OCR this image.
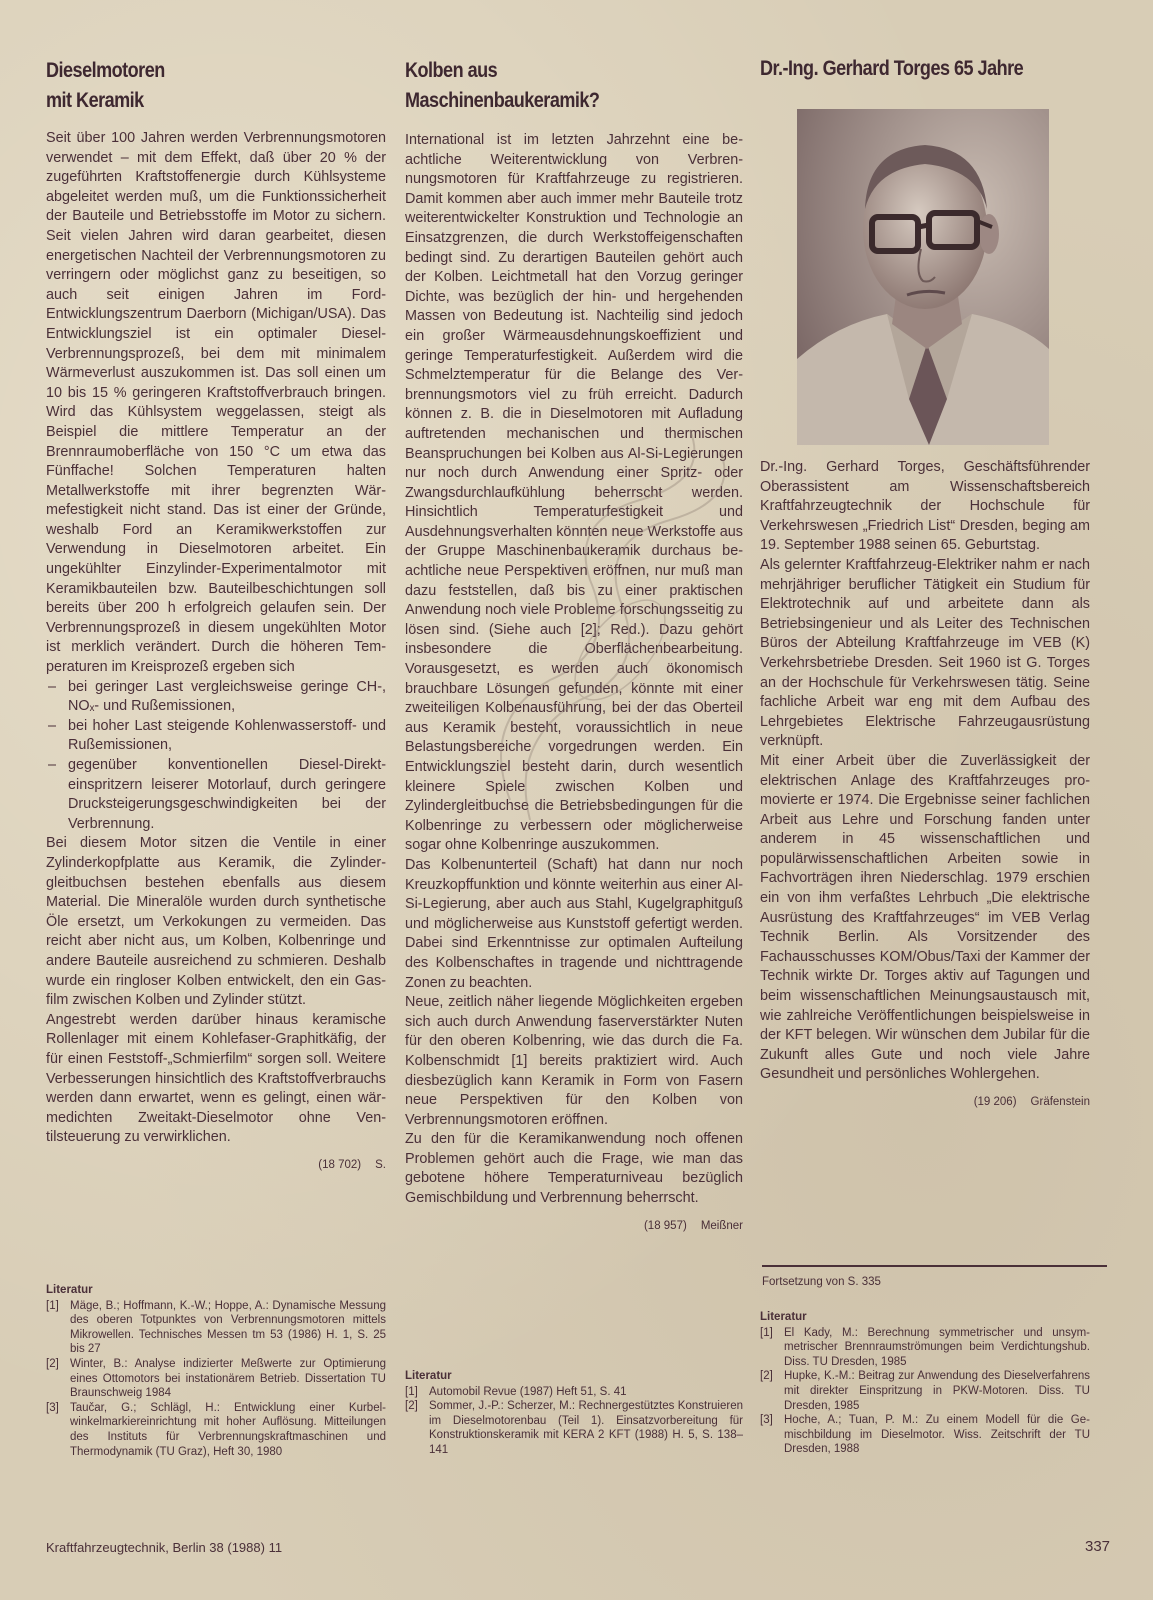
Dieselmotoren
mit Keramik

Seit über 100 Jahren werden Verbrennungsmotoren verwendet – mit dem Effekt, daß über 20 % der zugeführten Kraftstoffenergie durch Kühlsysteme abgeleitet werden muß, um die Funktionssicherheit der Bauteile und Betriebsstoffe im Motor zu sichern. Seit vielen Jahren wird daran gearbeitet, diesen energetischen Nachteil der Verbrennungsmotoren zu verringern oder möglichst ganz zu beseitigen, so auch seit einigen Jahren im Ford-Entwicklungszentrum Daerborn (Michigan/USA). Das Entwicklungsziel ist ein optimaler Diesel-Verbrennungsprozeß, bei dem mit minimalem Wärmeverlust auszukommen ist. Das soll einen um 10 bis 15 % geringeren Kraftstoffverbrauch bringen. Wird das Kühlsystem weggelassen, steigt als Beispiel die mittlere Temperatur an der Brennraumoberfläche von 150 °C um etwa das Fünffache! Solchen Temperaturen halten Metallwerkstoffe mit ihrer begrenzten Wärmefestigkeit nicht stand. Das ist einer der Gründe, weshalb Ford an Keramikwerkstoffen zur Verwendung in Dieselmotoren arbeitet. Ein ungekühlter Einzylinder-Experimentalmotor mit Keramikbauteilen bzw. Bauteilbeschichtungen soll bereits über 200 h erfolgreich gelaufen sein. Der Verbrennungsprozeß in diesem ungekühlten Motor ist merklich verändert. Durch die höheren Temperaturen im Kreisprozeß ergeben sich

– bei geringer Last vergleichsweise geringe CH-, NOₓ- und Rußemissionen,
– bei hoher Last steigende Kohlenwasserstoff- und Rußemissionen,
– gegenüber konventionellen Diesel-Direkteinspritzern leiserer Motorlauf, durch geringere Drucksteigerungsgeschwindigkeiten bei der Verbrennung.

Bei diesem Motor sitzen die Ventile in einer Zylinderkopfplatte aus Keramik, die Zylindergleitbuchsen bestehen ebenfalls aus diesem Material. Die Mineralöle wurden durch synthetische Öle ersetzt, um Verkokungen zu vermeiden. Das reicht aber nicht aus, um Kolben, Kolbenringe und andere Bauteile ausreichend zu schmieren. Deshalb wurde ein ringloser Kolben entwickelt, den ein Gasfilm zwischen Kolben und Zylinder stützt.

Angestrebt werden darüber hinaus keramische Rollenlager mit einem Kohlefaser-Graphitkäfig, der für einen Feststoff-„Schmierfilm“ sorgen soll. Weitere Verbesserungen hinsichtlich des Kraftstoffverbrauchs werden dann erwartet, wenn es gelingt, einen wärmedichten Zweitakt-Dieselmotor ohne Ventilsteuerung zu verwirklichen.

(18 702) S.
Literatur
[1] Mäge, B.; Hoffmann, K.-W.; Hoppe, A.: Dynamische Messung des oberen Totpunktes von Verbrennungsmotoren mittels Mikrowellen. Technisches Messen tm 53 (1986) H. 1, S. 25 bis 27
[2] Winter, B.: Analyse indizierter Meßwerte zur Optimierung eines Ottomotors bei instationärem Betrieb. Dissertation TU Braunschweig 1984
[3] Taučar, G.; Schlägl, H.: Entwicklung einer Kurbelwinkelmarkiereinrichtung mit hoher Auflösung. Mitteilungen des Instituts für Verbrennungskraftmaschinen und Thermodynamik (TU Graz), Heft 30, 1980
Kolben aus
Maschinenbaukeramik?

International ist im letzten Jahrzehnt eine beachtliche Weiterentwicklung von Verbrennungsmotoren für Kraftfahrzeuge zu registrieren. Damit kommen aber auch immer mehr Bauteile trotz weiterentwickelter Konstruktion und Technologie an Einsatzgrenzen, die durch Werkstoffeigenschaften bedingt sind. Zu derartigen Bauteilen gehört auch der Kolben. Leichtmetall hat den Vorzug geringer Dichte, was bezüglich der hin- und hergehenden Massen von Bedeutung ist. Nachteilig sind jedoch ein großer Wärmeausdehnungskoeffizient und geringe Temperaturfestigkeit. Außerdem wird die Schmelztemperatur für die Belange des Verbrennungsmotors viel zu früh erreicht. Dadurch können z. B. die in Dieselmotoren mit Aufladung auftretenden mechanischen und thermischen Beanspruchungen bei Kolben aus Al-Si-Legierungen nur noch durch Anwendung einer Spritz- oder Zwangsdurchlaufkühlung beherrscht werden. Hinsichtlich Temperaturfestigkeit und Ausdehnungsverhalten könnten neue Werkstoffe aus der Gruppe Maschinenbaukeramik durchaus beachtliche neue Perspektiven eröffnen, nur muß man dazu feststellen, daß bis zu einer praktischen Anwendung noch viele Probleme forschungsseitig zu lösen sind. (Siehe auch [2]; Red.). Dazu gehört insbesondere die Oberflächenbearbeitung. Vorausgesetzt, es werden auch ökonomisch brauchbare Lösungen gefunden, könnte mit einer zweiteiligen Kolbenausführung, bei der das Oberteil aus Keramik besteht, voraussichtlich in neue Belastungsbereiche vorgedrungen werden. Ein Entwicklungsziel besteht darin, durch wesentlich kleinere Spiele zwischen Kolben und Zylindergleitbuchse die Betriebsbedingungen für die Kolbenringe zu verbessern oder möglicherweise sogar ohne Kolbenringe auszukommen.

Das Kolbenunterteil (Schaft) hat dann nur noch Kreuzkopffunktion und könnte weiterhin aus einer Al-Si-Legierung, aber auch aus Stahl, Kugelgraphitguß und möglicherweise aus Kunststoff gefertigt werden. Dabei sind Erkenntnisse zur optimalen Aufteilung des Kolbenschaftes in tragende und nichttragende Zonen zu beachten.

Neue, zeitlich näher liegende Möglichkeiten ergeben sich auch durch Anwendung faserverstärkter Nuten für den oberen Kolbenring, wie das durch die Fa. Kolbenschmidt [1] bereits praktiziert wird. Auch diesbezüglich kann Keramik in Form von Fasern neue Perspektiven für den Kolben von Verbrennungsmotoren eröffnen.

Zu den für die Keramikanwendung noch offenen Problemen gehört auch die Frage, wie man das gebotene höhere Temperaturniveau bezüglich Gemischbildung und Verbrennung beherrscht.

(18 957) Meißner
Literatur
[1] Automobil Revue (1987) Heft 51, S. 41
[2] Sommer, J.-P.: Scherzer, M.: Rechnergestütztes Konstruieren im Dieselmotorenbau (Teil 1). Einsatzvorbereitung für Konstruktionskeramik mit KERA 2 KFT (1988) H. 5, S. 138–141
Dr.-Ing. Gerhard Torges 65 Jahre

Dr.-Ing. Gerhard Torges, Geschäftsführender Oberassistent am Wissenschaftsbereich Kraftfahrzeugtechnik der Hochschule für Verkehrswesen „Friedrich List“ Dresden, beging am 19. September 1988 seinen 65. Geburtstag.

Als gelernter Kraftfahrzeug-Elektriker nahm er nach mehrjähriger beruflicher Tätigkeit ein Studium für Elektrotechnik auf und arbeitete dann als Betriebsingenieur und als Leiter des Technischen Büros der Abteilung Kraftfahrzeuge im VEB (K) Verkehrsbetriebe Dresden. Seit 1960 ist G. Torges an der Hochschule für Verkehrswesen tätig. Seine fachliche Arbeit war eng mit dem Aufbau des Lehrgebietes Elektrische Fahrzeugausrüstung verknüpft.

Mit einer Arbeit über die Zuverlässigkeit der elektrischen Anlage des Kraftfahrzeuges promovierte er 1974. Die Ergebnisse seiner fachlichen Arbeit aus Lehre und Forschung fanden unter anderem in 45 wissenschaftlichen und populärwissenschaftlichen Arbeiten sowie in Fachvorträgen ihren Niederschlag. 1979 erschien ein von ihm verfaßtes Lehrbuch „Die elektrische Ausrüstung des Kraftfahrzeuges“ im VEB Verlag Technik Berlin. Als Vorsitzender des Fachausschusses KOM/Obus/Taxi der Kammer der Technik wirkte Dr. Torges aktiv auf Tagungen und beim wissenschaftlichen Meinungsaustausch mit, wie zahlreiche Veröffentlichungen beispielsweise in der KFT belegen. Wir wünschen dem Jubilar für die Zukunft alles Gute und noch viele Jahre Gesundheit und persönliches Wohlergehen.

(19 206) Gräfenstein
Literatur
[1] El Kady, M.: Berechnung symmetrischer und unsymmetrischer Brennraumströmungen beim Verdichtungshub. Diss. TU Dresden, 1985
[2] Hupke, K.-M.: Beitrag zur Anwendung des Dieselverfahrens mit direkter Einspritzung in PKW-Motoren. Diss. TU Dresden, 1985
[3] Hoche, A.; Tuan, P. M.: Zu einem Modell für die Gemischbildung im Dieselmotor. Wiss. Zeitschrift der TU Dresden, 1988
Fortsetzung von S. 335
Kraftfahrzeugtechnik, Berlin 38 (1988) 11	337
